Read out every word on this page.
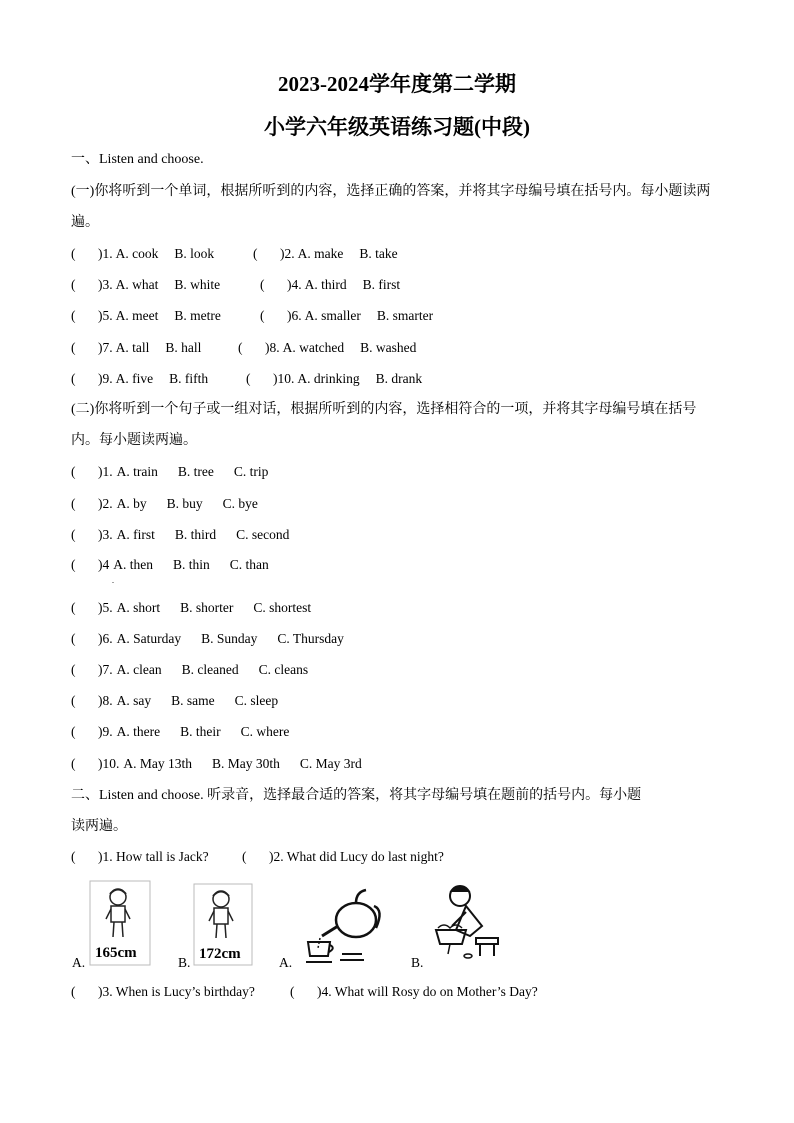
2023-2024学年度第二学期
小学六年级英语练习题(中段)
一、Listen and choose.
(一)你将听到一个单词，根据所听到的内容，选择正确的答案，并将其字母编号填在括号内。每小题读两
遍。
( )1. A. cook B. look	( )2. A. make B. take
( )3. A. what B. white	( )4. A. third B. first
( )5. A. meet B. metre	( )6. A. smaller B. smarter
( )7. A. tall B. hall	( )8. A. watched B. washed
( )9. A. five B. fifth	( )10. A. drinking B. drank
(二)你将听到一个句子或一组对话，根据所听到的内容，选择相符合的一项，并将其字母编号填在括号
内。每小题读两遍。
( )1. A. train B. tree C. trip
( )2. A. by B. buy C. bye
( )3. A. first B. third C. second
( )4 A. then B. thin C. than
( )5. A. short B. shorter C. shortest
( )6. A. Saturday B. Sunday C. Thursday
( )7. A. clean B. cleaned C. cleans
( )8. A. say B. same C. sleep
( )9. A. there B. their C. where
( )10. A. May 13th B. May 30th C. May 3rd
.
二、Listen and choose. 听录音，选择最合适的答案，将其字母编号填在题前的括号内。每小题
读两遍。
( )1. How tall is Jack? ( )2. What did Lucy do last night?
A.
165cm
B.
172cm
A.	B.
( )3. When is Lucy’s birthday?	( )4. What will Rosy do on Mother’s Day?
